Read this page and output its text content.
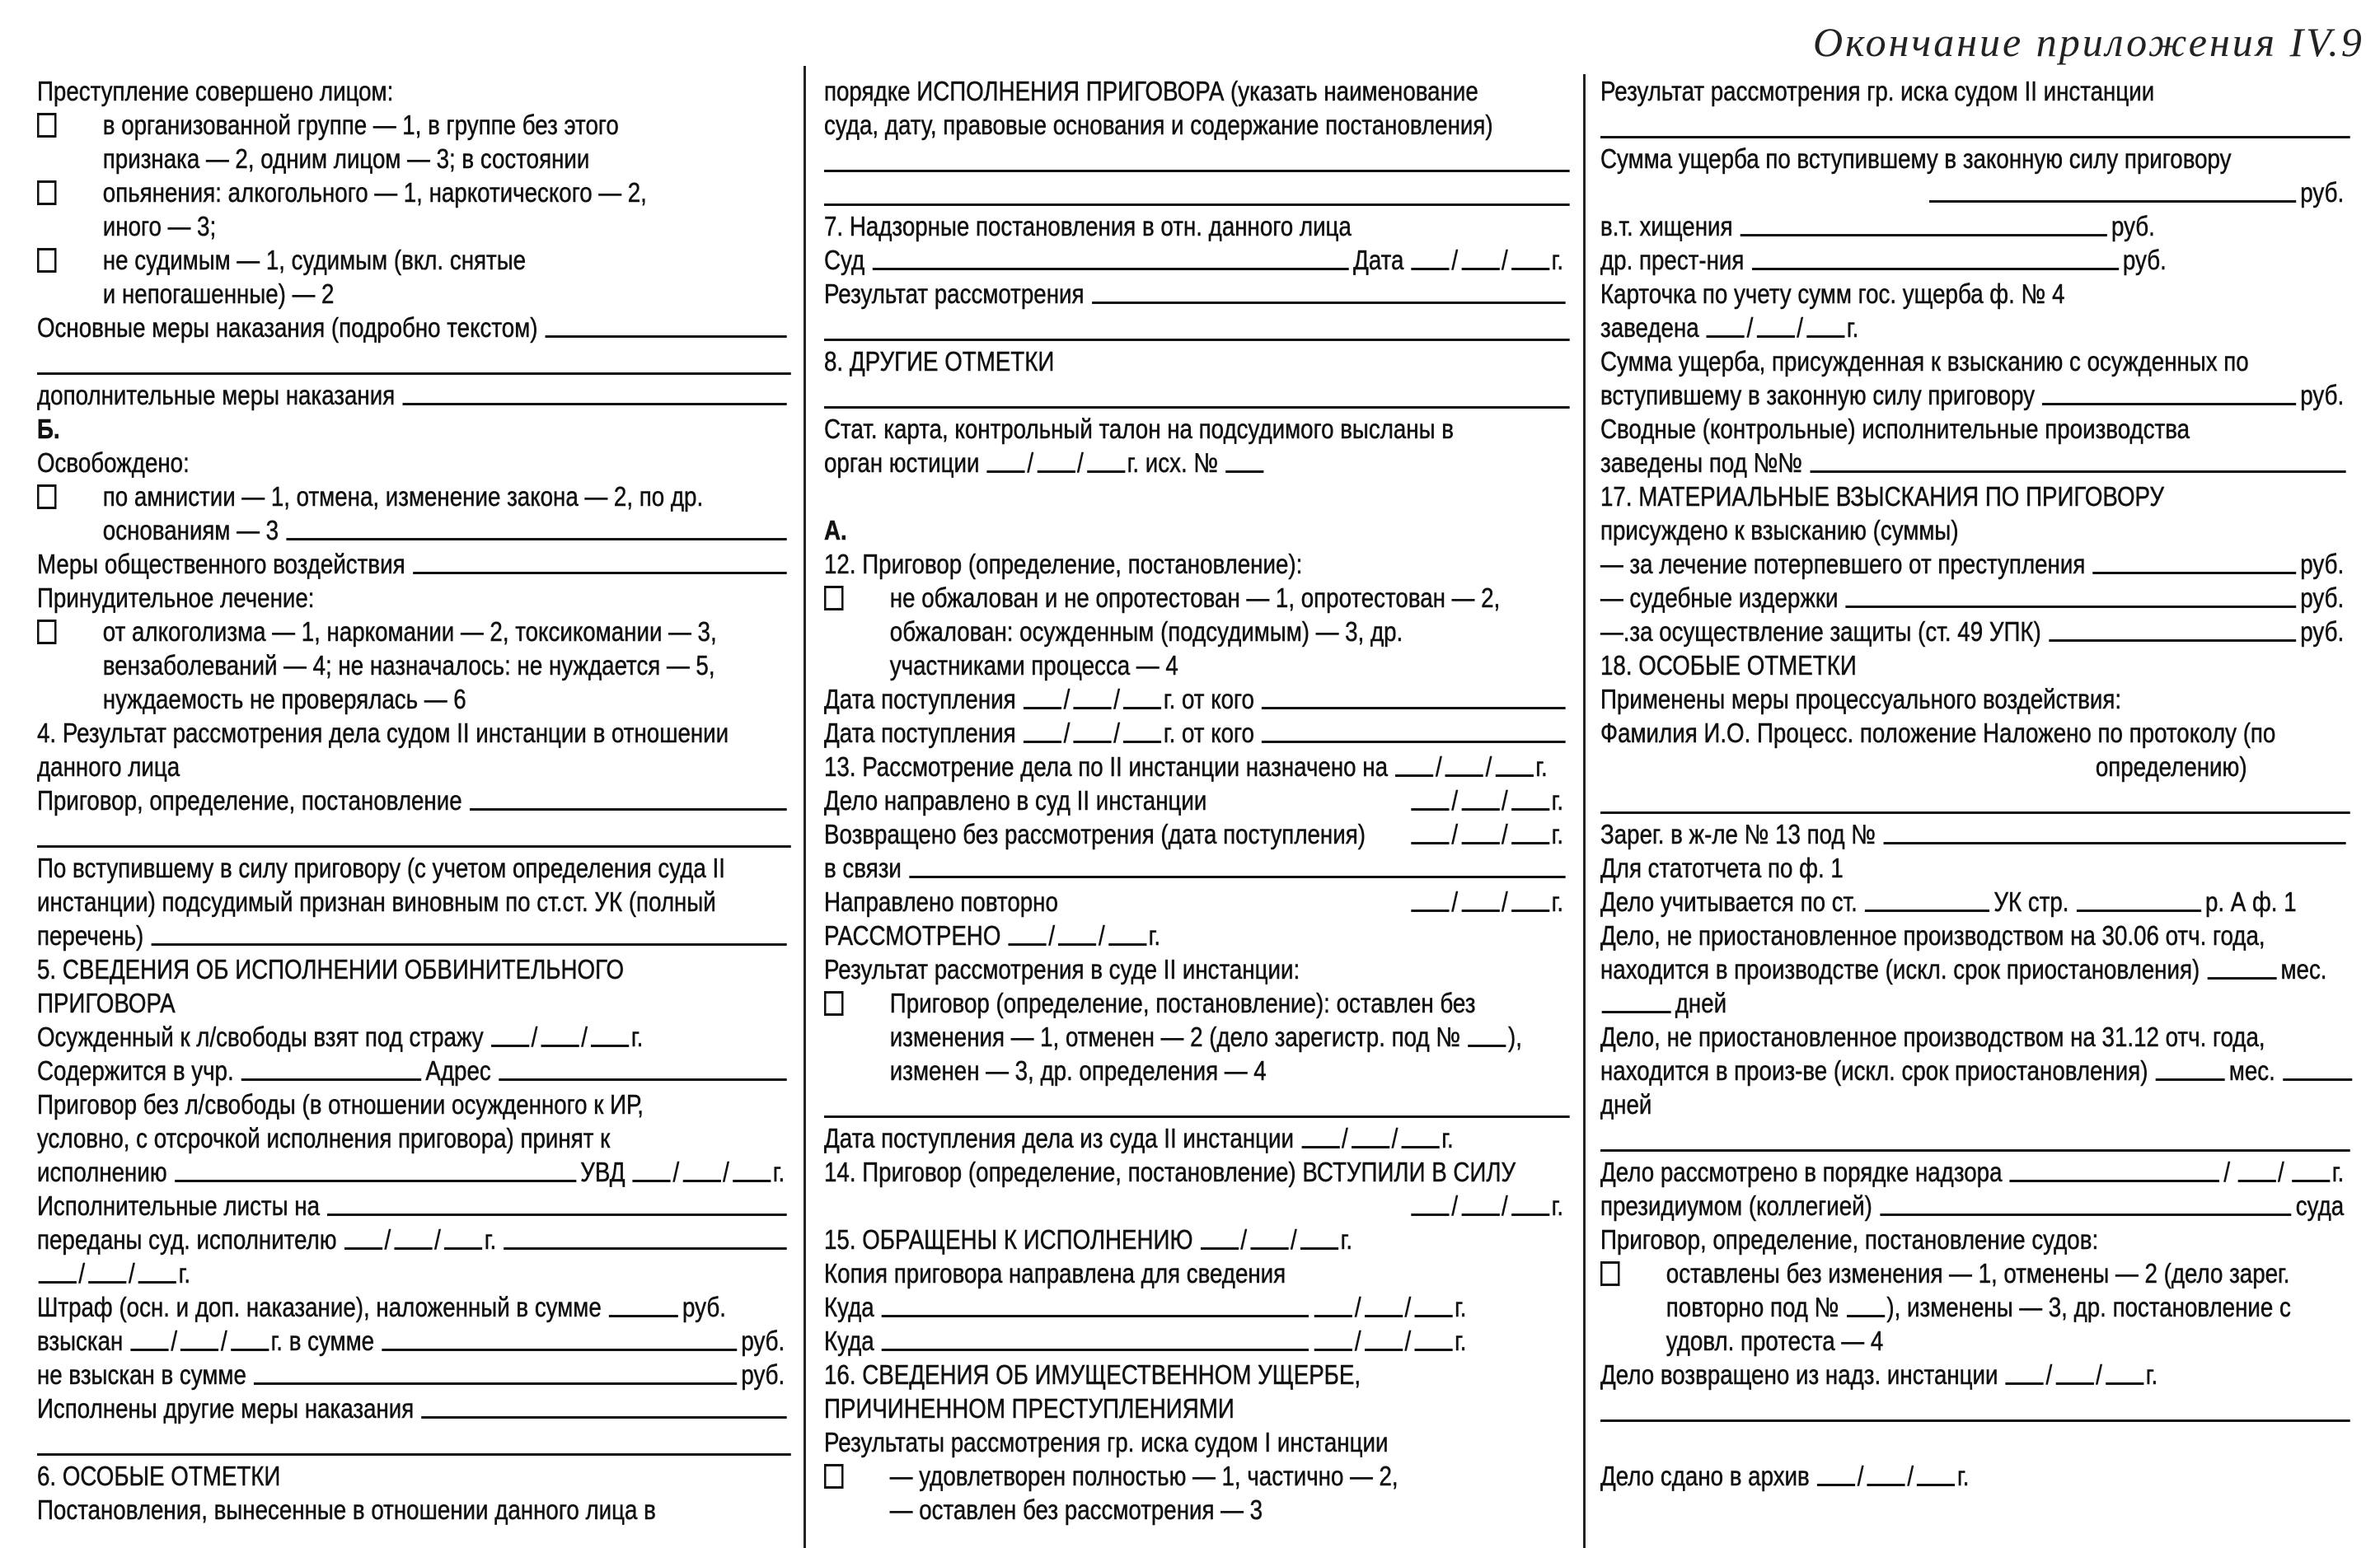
Окончание приложения IV.9
Преступление совершено лицом:
в организованной группе — 1, в группе без этого
признака — 2, одним лицом — 3; в состоянии
опьянения: алкогольного — 1, наркотического — 2,
иного — 3;
не судимым — 1, судимым (вкл. снятые
и непогашенные) — 2
Основные меры наказания (подробно текстом)
дополнительные меры наказания
Б.
Освобождено:
по амнистии — 1, отмена, изменение закона — 2, по др.
основаниям — 3
Меры общественного воздействия
Принудительное лечение:
от алкоголизма — 1, наркомании — 2, токсикомании — 3,
вензаболеваний — 4; не назначалось: не нуждается — 5,
нуждаемость не проверялась — 6
4. Результат рассмотрения дела судом II инстанции в отношении
данного лица
Приговор, определение, постановление
По вступившему в силу приговору (с учетом определения суда II
инстанции) подсудимый признан виновным по ст.ст. УК (полный
перечень)
5. СВЕДЕНИЯ ОБ ИСПОЛНЕНИИ ОБВИНИТЕЛЬНОГО
ПРИГОВОРА
Осужденный к л/свободы взят под стражу / / г.
Содержится в учр.	Адрес
Приговор без л/свободы (в отношении осужденного к ИР,
условно, с отсрочкой исполнения приговора) принят к
исполнению	УВД / / г.
Исполнительные листы на
переданы суд. исполнителю / / г.
/ / г.
Штраф (осн. и доп. наказание), наложенный в сумме	руб.
взыскан / / г. в сумме	руб.
не взыскан в сумме	руб.
Исполнены другие меры наказания
6. ОСОБЫЕ ОТМЕТКИ
Постановления, вынесенные в отношении данного лица в
порядке ИСПОЛНЕНИЯ ПРИГОВОРА (указать наименование
суда, дату, правовые основания и содержание постановления)
7. Надзорные постановления в отн. данного лица
Суд	Дата / / г.
Результат рассмотрения
8. ДРУГИЕ ОТМЕТКИ
Стат. карта, контрольный талон на подсудимого высланы в
орган юстиции / / г. исх. №
А.
12. Приговор (определение, постановление):
не обжалован и не опротестован — 1, опротестован — 2,
обжалован: осужденным (подсудимым) — 3, др.
участниками процесса — 4
Дата поступления / / г. от кого
Дата поступления / / г. от кого
13. Рассмотрение дела по II инстанции назначено на / / г.
Дело направлено в суд II инстанции	/ / г.
Возвращено без рассмотрения (дата поступления)	/ / г.
в связи
Направлено повторно	/ / г.
РАССМОТРЕНО / / г.
Результат рассмотрения в суде II инстанции:
Приговор (определение, постановление): оставлен без
изменения — 1, отменен — 2 (дело зарегистр. под № ),
изменен — 3, др. определения — 4
Дата поступления дела из суда II инстанции / / г.
14. Приговор (определение, постановление) ВСТУПИЛИ В СИЛУ
/ / г.
15. ОБРАЩЕНЫ К ИСПОЛНЕНИЮ / / г.
Копия приговора направлена для сведения
Куда	/ / г.
Куда	/ / г.
16. СВЕДЕНИЯ ОБ ИМУЩЕСТВЕННОМ УЩЕРБЕ,
ПРИЧИНЕННОМ ПРЕСТУПЛЕНИЯМИ
Результаты рассмотрения гр. иска судом I инстанции
— удовлетворен полностью — 1, частично — 2,
— оставлен без рассмотрения — 3
Результат рассмотрения гр. иска судом II инстанции
Сумма ущерба по вступившему в законную силу приговору
руб.
в.т. хищения	руб.
др. прест-ния	руб.
Карточка по учету сумм гос. ущерба ф. № 4
заведена / / г.
Сумма ущерба, присужденная к взысканию с осужденных по
вступившему в законную силу приговору	руб.
Сводные (контрольные) исполнительные производства
заведены под №№
17. МАТЕРИАЛЬНЫЕ ВЗЫСКАНИЯ ПО ПРИГОВОРУ
присуждено к взысканию (суммы)
— за лечение потерпевшего от преступления	руб.
— судебные издержки	руб.
—.за осуществление защиты (ст. 49 УПК)	руб.
18. ОСОБЫЕ ОТМЕТКИ
Применены меры процессуального воздействия:
Фамилия И.О. Процесс. положение Наложено по протоколу (по
определению)
Зарег. в ж-ле № 13 под №
Для статотчета по ф. 1
Дело учитывается по ст.	УК стр.	р. А ф. 1
Дело, не приостановленное производством на 30.06 отч. года,
находится в производстве (искл. срок приостановления)	мес.
дней
Дело, не приостановленное производством на 31.12 отч. года,
находится в произ-ве (искл. срок приостановления)	мес.
дней
Дело рассмотрено в порядке надзора	/ / г.
президиумом (коллегией)	суда
Приговор, определение, постановление судов:
оставлены без изменения — 1, отменены — 2 (дело зарег.
повторно под № ), изменены — 3, др. постановление с
удовл. протеста — 4
Дело возвращено из надз. инстанции / / г.
Дело сдано в архив / / г.
